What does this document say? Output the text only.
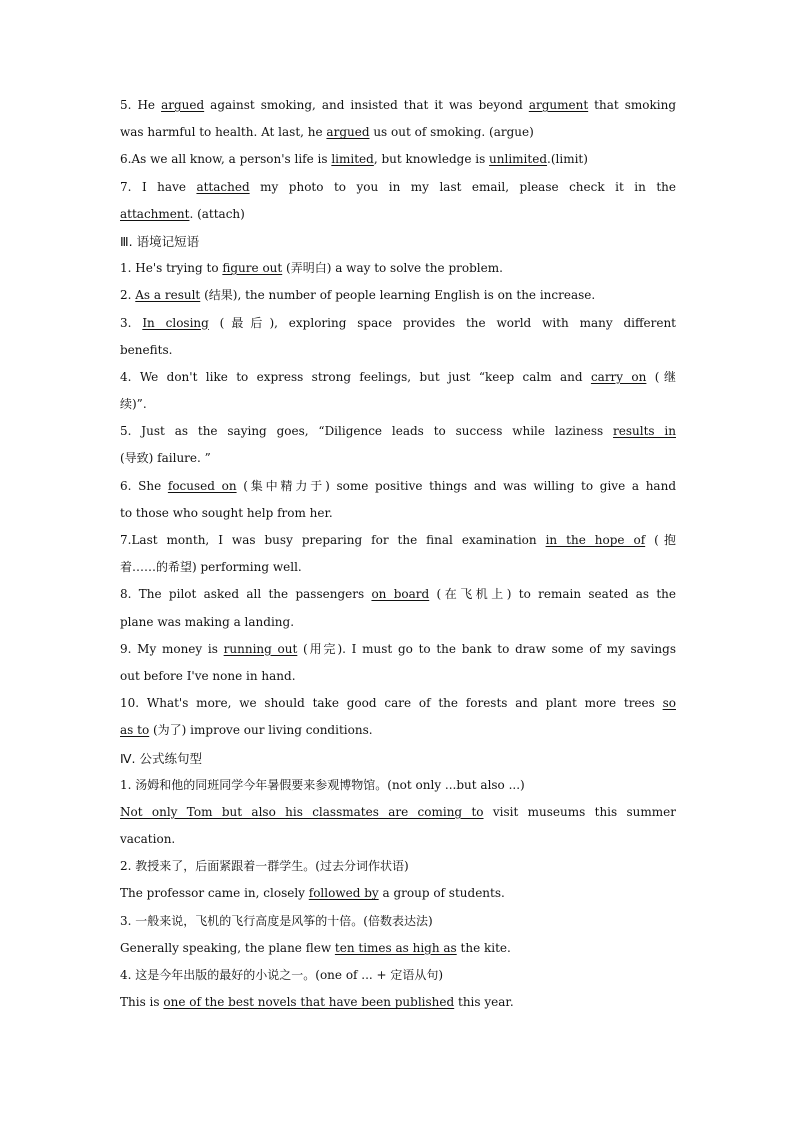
5. He argued against smoking, and insisted that it was beyond argument that smoking
was harmful to health. At last, he argued us out of smoking. (argue)
6.As we all know, a person's life is limited, but knowledge is unlimited.(limit)
7. I have attached my photo to you in my last email, please check it in the
attachment. (attach)
Ⅲ. 语境记短语
1. He's trying to figure out (弄明白) a way to solve the problem.
2. As a result (结果), the number of people learning English is on the increase.
3. In closing (最后), exploring space provides the world with many different
benefits.
4. We don't like to express strong feelings, but just “keep calm and carry on (继
续)”.
5. Just as the saying goes, “Diligence leads to success while laziness results in
(导致) failure. ”
6. She focused on (集中精力于) some positive things and was willing to give a hand
to those who sought help from her.
7.Last month, I was busy preparing for the final examination in the hope of (抱
着……的希望) performing well.
8. The pilot asked all the passengers on board (在飞机上) to remain seated as the
plane was making a landing.
9. My money is running out (用完). I must go to the bank to draw some of my savings
out before I've none in hand.
10. What's more, we should take good care of the forests and plant more trees so
as to (为了) improve our living conditions.
Ⅳ. 公式练句型
1. 汤姆和他的同班同学今年暑假要来参观博物馆。(not only ...but also ...)
Not only Tom but also his classmates are coming to visit museums this summer
vacation.
2. 教授来了，后面紧跟着一群学生。(过去分词作状语)
The professor came in, closely followed by a group of students.
3. 一般来说，飞机的飞行高度是风筝的十倍。(倍数表达法)
Generally speaking, the plane flew ten times as high as the kite.
4. 这是今年出版的最好的小说之一。(one of ... + 定语从句)
This is one of the best novels that have been published this year.
